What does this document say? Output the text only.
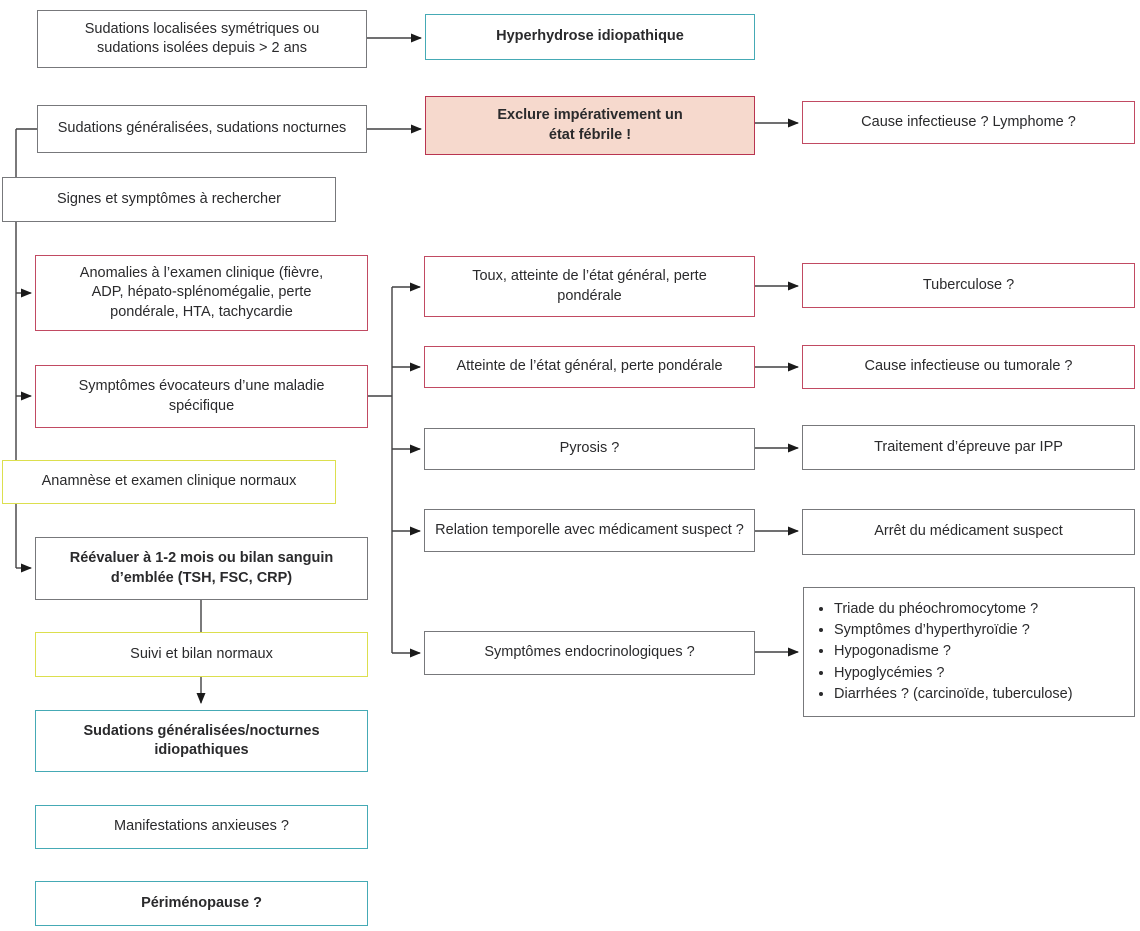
Sudations localisées symétriques ou sudations isolées depuis > 2 ans
Hyperhydrose idiopathique
Sudations généralisées, sudations nocturnes
Exclure impérativement un état fébrile !
Cause infectieuse ? Lymphome ?
Signes et symptômes à rechercher
Anomalies à l’examen clinique (fièvre, ADP, hépato-splénomégalie, perte pondérale, HTA, tachycardie
Symptômes évocateurs d’une maladie spécifique
Anamnèse et examen clinique normaux
Réévaluer à 1-2 mois ou bilan sanguin d’emblée (TSH, FSC, CRP)
Suivi et bilan normaux
Sudations généralisées/nocturnes idiopathiques
Manifestations anxieuses ?
Périménopause ?
Toux, atteinte de l’état général, perte pondérale
Atteinte de l’état général, perte pondérale
Pyrosis ?
Relation temporelle avec médicament suspect ?
Symptômes endocrinologiques ?
Tuberculose ?
Cause infectieuse ou tumorale ?
Traitement d’épreuve par IPP
Arrêt du médicament suspect
• Triade du phéochromocytome ?
• Symptômes d’hyperthyroïdie ?
• Hypogonadisme ?
• Hypoglycémies ?
• Diarrhées ? (carcinoïde, tuberculose)
